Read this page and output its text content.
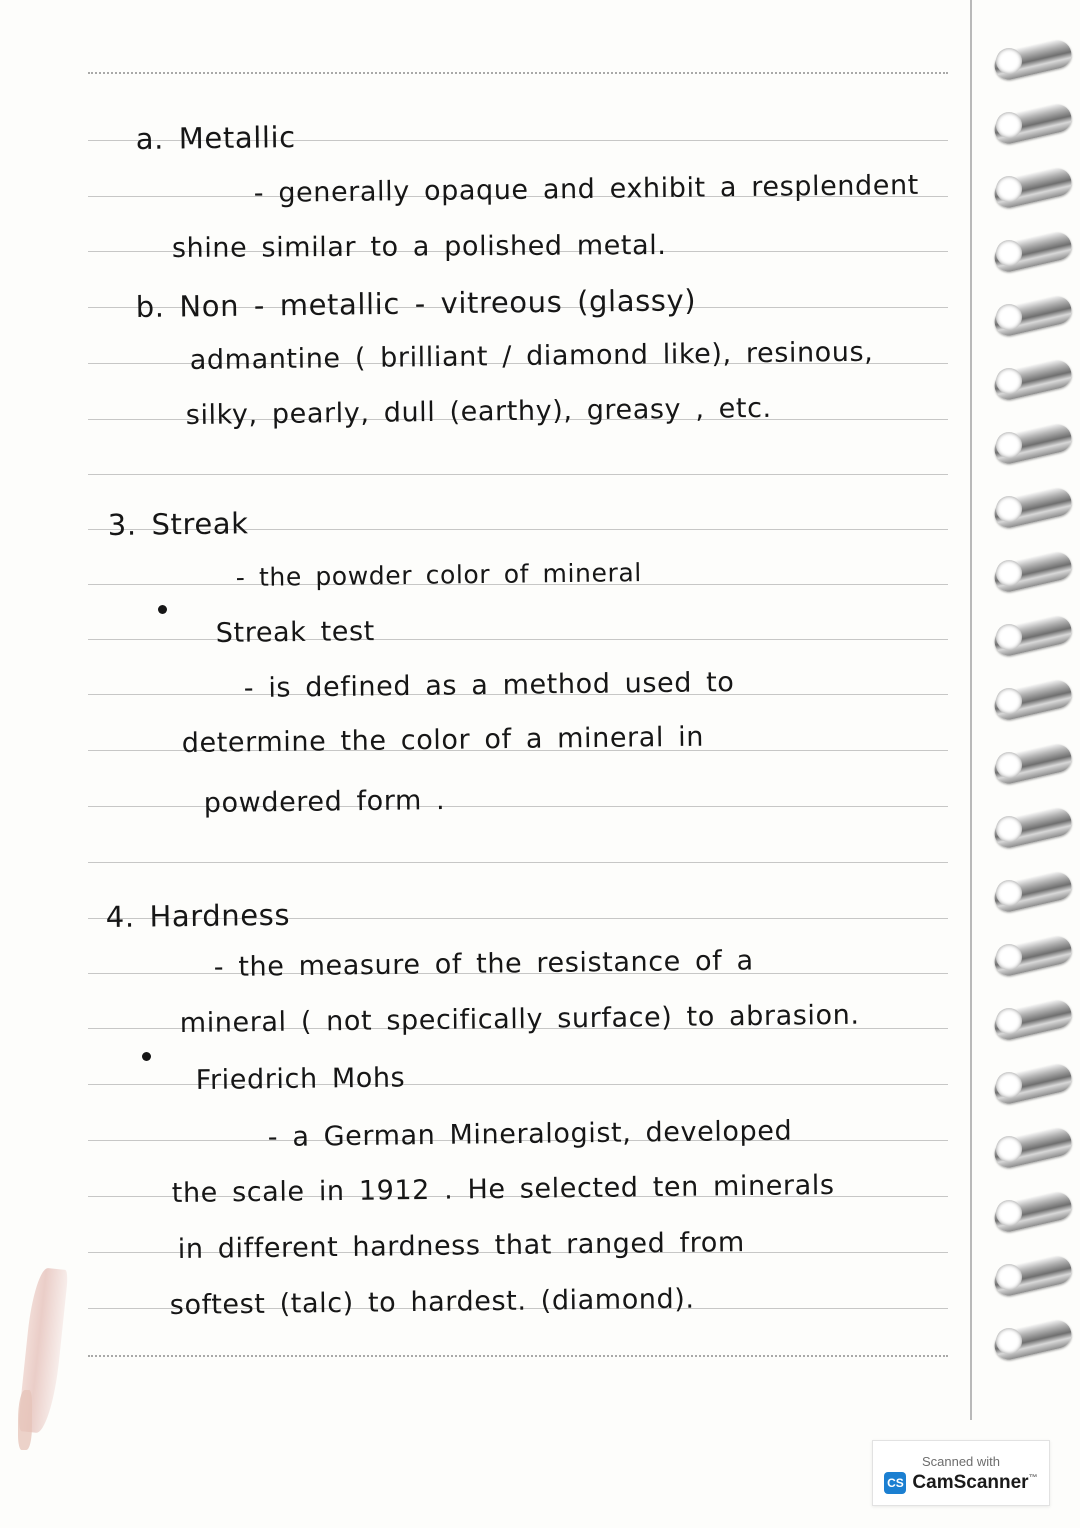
a. Metallic
- generally opaque and exhibit a resplendent
shine similar to a polished metal.
b. Non - metallic - vitreous (glassy)
admantine ( brilliant / diamond like), resinous,
silky, pearly, dull (earthy), greasy , etc.
3. Streak
- the powder color of mineral
Streak test
- is defined as a method used to
determine the color of a mineral in
powdered form .
4. Hardness
- the measure of the resistance of a
mineral ( not specifically surface) to abrasion.
Friedrich Mohs
- a German Mineralogist, developed
the scale in 1912 . He selected ten minerals
in different hardness that ranged from
softest (talc) to hardest. (diamond).
Scanned with
CS CamScanner™
